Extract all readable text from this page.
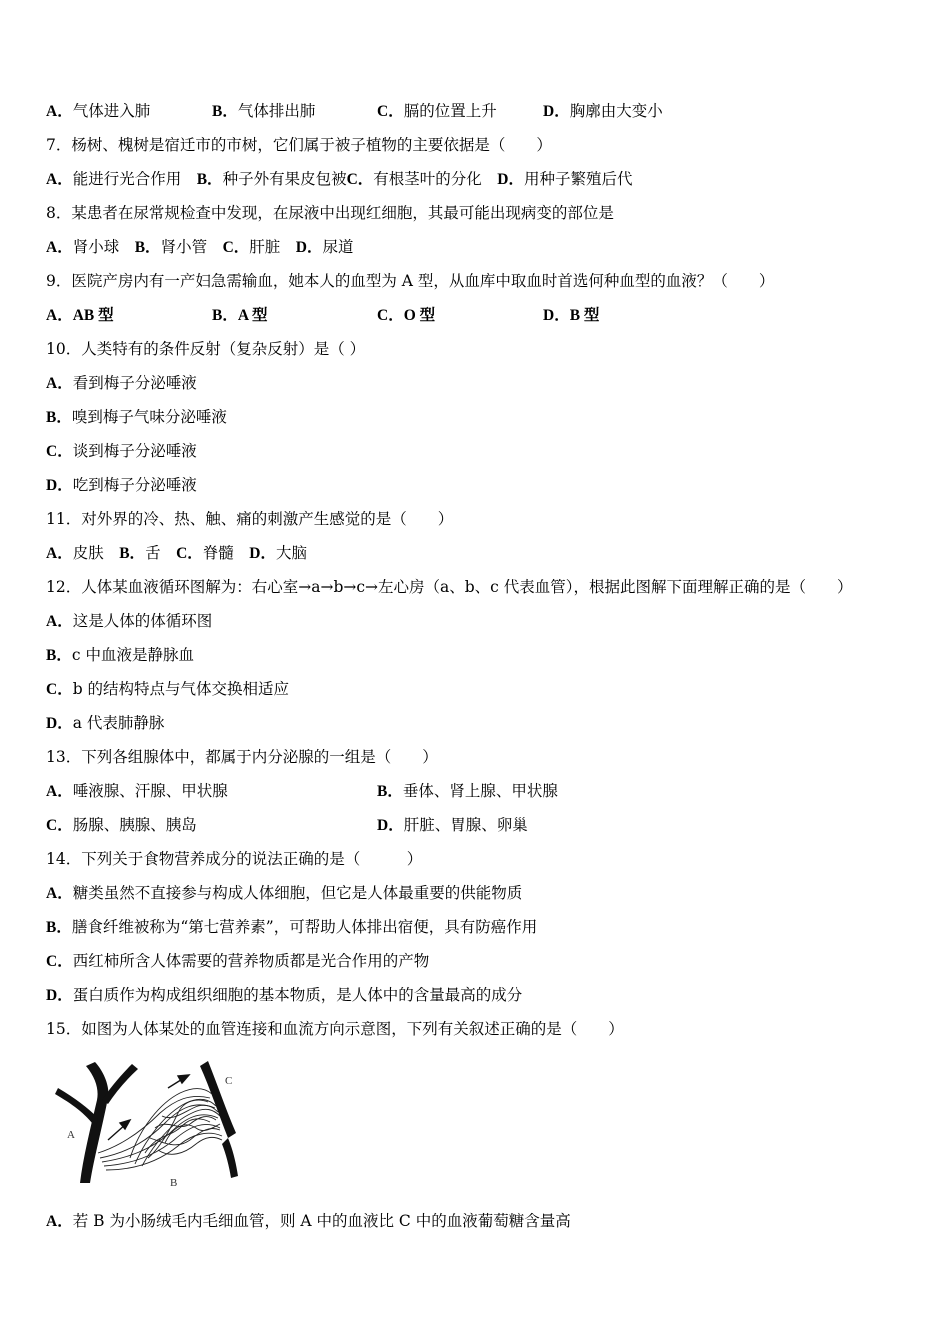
A．气体进入肺	B．气体排出肺	C．膈的位置上升	D．胸廓由大变小
7．杨树、槐树是宿迁市的市树，它们属于被子植物的主要依据是（　　）
A．能进行光合作用　B．种子外有果皮包被C．有根茎叶的分化　D．用种子繁殖后代
8．某患者在尿常规检查中发现，在尿液中出现红细胞，其最可能出现病变的部位是
A．肾小球　B．肾小管　C．肝脏　D．尿道
9．医院产房内有一产妇急需输血，她本人的血型为 A 型，从血库中取血时首选何种血型的血液？（　　）
A．AB 型	B．A 型	C．O 型	D．B 型
10．人类特有的条件反射（复杂反射）是（ ）
A．看到梅子分泌唾液
B．嗅到梅子气味分泌唾液
C．谈到梅子分泌唾液
D．吃到梅子分泌唾液
11．对外界的冷、热、触、痛的刺激产生感觉的是（　　）
A．皮肤　B．舌　C．脊髓　D．大脑
12．人体某血液循环图解为：右心室→a→b→c→左心房（a、b、c 代表血管），根据此图解下面理解正确的是（　　）
A．这是人体的体循环图
B．c 中血液是静脉血
C．b 的结构特点与气体交换相适应
D．a 代表肺静脉
13．下列各组腺体中，都属于内分泌腺的一组是（　　）
A．唾液腺、汗腺、甲状腺	B．垂体、肾上腺、甲状腺
C．肠腺、胰腺、胰岛	D．肝脏、胃腺、卵巢
14．下列关于食物营养成分的说法正确的是（　　　）
A．糖类虽然不直接参与构成人体细胞，但它是人体最重要的供能物质
B．膳食纤维被称为“第七营养素”，可帮助人体排出宿便，具有防癌作用
C．西红柿所含人体需要的营养物质都是光合作用的产物
D．蛋白质作为构成组织细胞的基本物质，是人体中的含量最高的成分
15．如图为人体某处的血管连接和血流方向示意图，下列有关叙述正确的是（　　）
A
B
C
A．若 B 为小肠绒毛内毛细血管，则 A 中的血液比 C 中的血液葡萄糖含量高
